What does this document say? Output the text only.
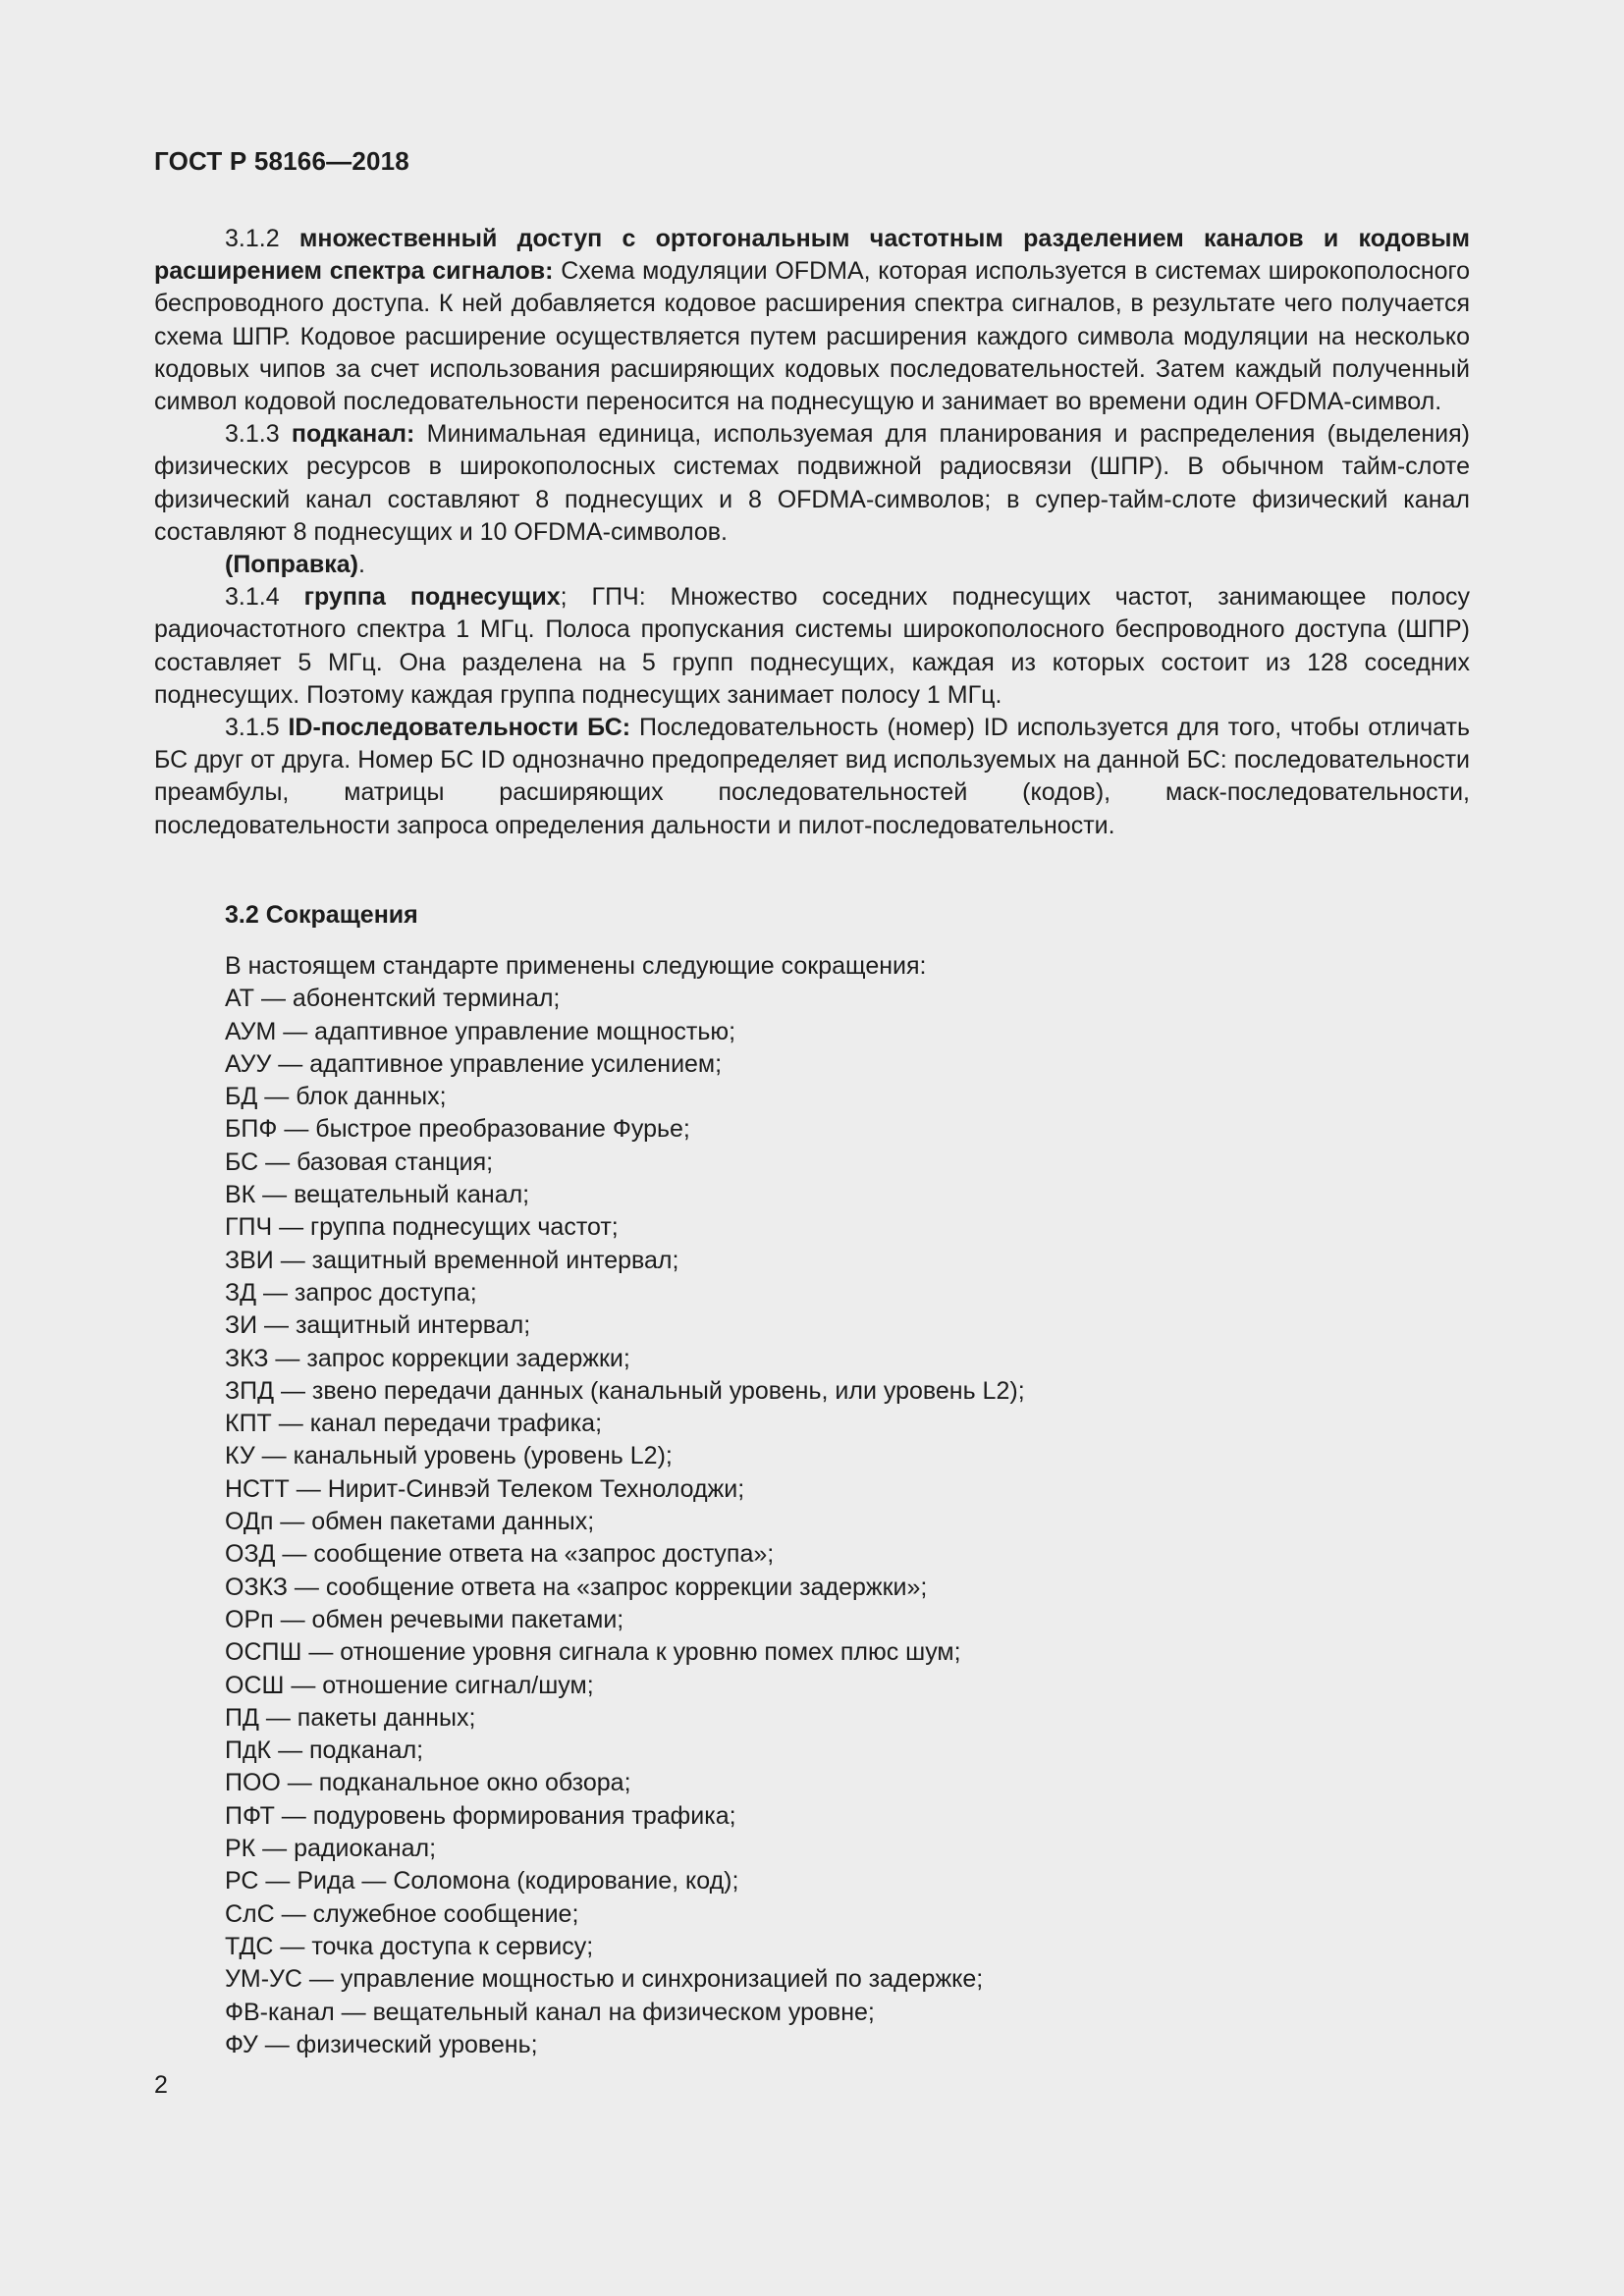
ГОСТ Р 58166—2018

3.1.2 множественный доступ с ортогональным частотным разделением каналов и кодовым расширением спектра сигналов: Схема модуляции OFDMA, которая используется в системах широкополосного беспроводного доступа. К ней добавляется кодовое расширения спектра сигналов, в результате чего получается схема ШПР. Кодовое расширение осуществляется путем расширения каждого символа модуляции на несколько кодовых чипов за счет использования расширяющих кодовых последовательностей. Затем каждый полученный символ кодовой последовательности переносится на поднесущую и занимает во времени один OFDMA-символ.

3.1.3 подканал: Минимальная единица, используемая для планирования и распределения (выделения) физических ресурсов в широкополосных системах подвижной радиосвязи (ШПР). В обычном тайм-слоте физический канал составляют 8 поднесущих и 8 OFDMA-символов; в супер-тайм-слоте физический канал составляют 8 поднесущих и 10 OFDMA-символов.

(Поправка).

3.1.4 группа поднесущих; ГПЧ: Множество соседних поднесущих частот, занимающее полосу радиочастотного спектра 1 МГц. Полоса пропускания системы широкополосного беспроводного доступа (ШПР) составляет 5 МГц. Она разделена на 5 групп поднесущих, каждая из которых состоит из 128 соседних поднесущих. Поэтому каждая группа поднесущих занимает полосу 1 МГц.

3.1.5 ID-последовательности БС: Последовательность (номер) ID используется для того, чтобы отличать БС друг от друга. Номер БС ID однозначно предопределяет вид используемых на данной БС: последовательности преамбулы, матрицы расширяющих последовательностей (кодов), маск-последовательности, последовательности запроса определения дальности и пилот-последовательности.

3.2 Сокращения
В настоящем стандарте применены следующие сокращения:
АТ — абонентский терминал;
АУМ — адаптивное управление мощностью;
АУУ — адаптивное управление усилением;
БД — блок данных;
БПФ — быстрое преобразование Фурье;
БС — базовая станция;
ВК — вещательный канал;
ГПЧ — группа поднесущих частот;
ЗВИ — защитный временной интервал;
ЗД — запрос доступа;
ЗИ — защитный интервал;
ЗКЗ — запрос коррекции задержки;
ЗПД — звено передачи данных (канальный уровень, или уровень L2);
КПТ — канал передачи трафика;
КУ — канальный уровень (уровень L2);
НСТТ — Нирит-Синвэй Телеком Технолоджи;
ОДп — обмен пакетами данных;
ОЗД — сообщение ответа на «запрос доступа»;
ОЗКЗ — сообщение ответа на «запрос коррекции задержки»;
ОРп — обмен речевыми пакетами;
ОСПШ — отношение уровня сигнала к уровню помех плюс шум;
ОСШ — отношение сигнал/шум;
ПД — пакеты данных;
ПдК — подканал;
ПОО — подканальное окно обзора;
ПФТ — подуровень формирования трафика;
РК — радиоканал;
РС — Рида — Соломона (кодирование, код);
СлС — служебное сообщение;
ТДС — точка доступа к сервису;
УМ-УС — управление мощностью и синхронизацией по задержке;
ФВ-канал — вещательный канал на физическом уровне;
ФУ — физический уровень;
2
